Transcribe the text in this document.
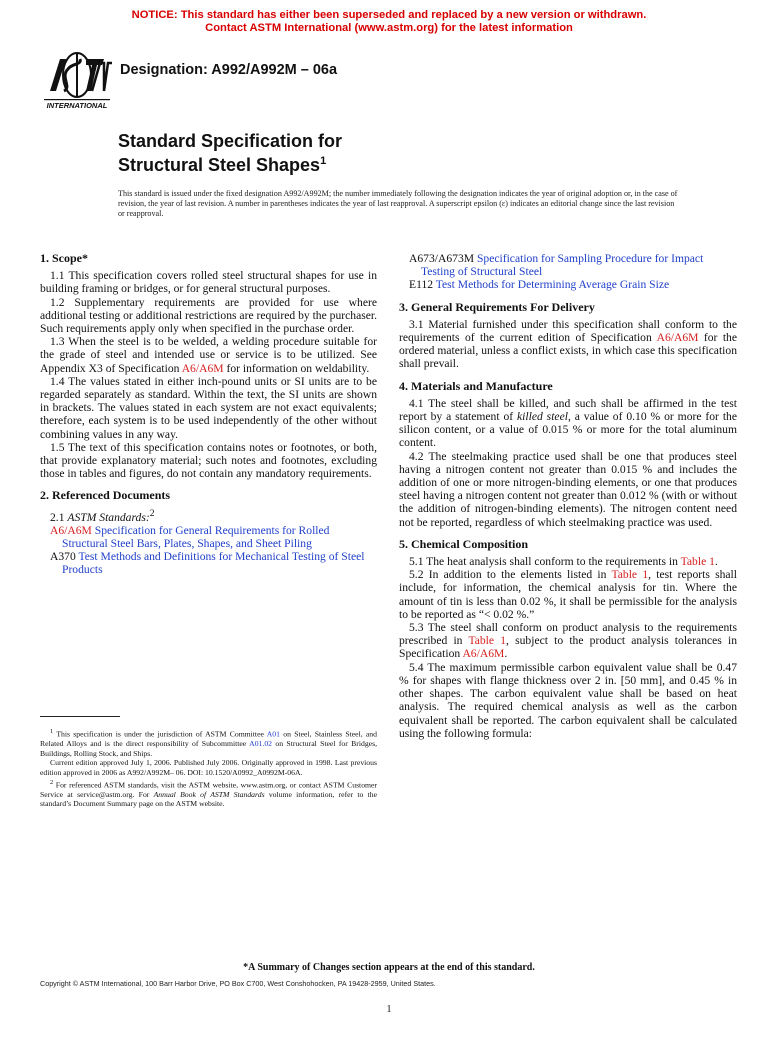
NOTICE: This standard has either been superseded and replaced by a new version or withdrawn.
Contact ASTM International (www.astm.org) for the latest information
INTERNATIONAL
Designation: A992/A992M – 06a
Standard Specification for
Structural Steel Shapes$^1$
This standard is issued under the fixed designation A992/A992M; the number immediately following the designation indicates the year of original adoption or, in the case of revision, the year of last revision. A number in parentheses indicates the year of last reapproval. A superscript epsilon (ε) indicates an editorial change since the last revision or reapproval.

1. Scope*

1.1 This specification covers rolled steel structural shapes for use in building framing or bridges, or for general structural purposes.

1.2 Supplementary requirements are provided for use where additional testing or additional restrictions are required by the purchaser. Such requirements apply only when specified in the purchase order.

1.3 When the steel is to be welded, a welding procedure suitable for the grade of steel and intended use or service is to be utilized. See Appendix X3 of Specification A6/A6M for information on weldability.

1.4 The values stated in either inch-pound units or SI units are to be regarded separately as standard. Within the text, the SI units are shown in brackets. The values stated in each system are not exact equivalents; therefore, each system is to be used independently of the other without combining values in any way.

1.5 The text of this specification contains notes or footnotes, or both, that provide explanatory material; such notes and footnotes, excluding those in tables and figures, do not contain any mandatory requirements.

2. Referenced Documents

2.1 ASTM Standards:$^2$

A6/A6M Specification for General Requirements for Rolled Structural Steel Bars, Plates, Shapes, and Sheet Piling

A370 Test Methods and Definitions for Mechanical Testing of Steel Products

$^1$ This specification is under the jurisdiction of ASTM Committee A01 on Steel, Stainless Steel, and Related Alloys and is the direct responsibility of Subcommittee A01.02 on Structural Steel for Bridges, Buildings, Rolling Stock, and Ships.

Current edition approved July 1, 2006. Published July 2006. Originally approved in 1998. Last previous edition approved in 2006 as A992/A992M– 06. DOI: 10.1520/A0992_A0992M-06A.

$^2$ For referenced ASTM standards, visit the ASTM website, www.astm.org, or contact ASTM Customer Service at service@astm.org. For Annual Book of ASTM Standards volume information, refer to the standard’s Document Summary page on the ASTM website.

A673/A673M Specification for Sampling Procedure for Impact Testing of Structural Steel

E112 Test Methods for Determining Average Grain Size

3. General Requirements For Delivery

3.1 Material furnished under this specification shall conform to the requirements of the current edition of Specification A6/A6M for the ordered material, unless a conflict exists, in which case this specification shall prevail.

4. Materials and Manufacture

4.1 The steel shall be killed, and such shall be affirmed in the test report by a statement of killed steel, a value of 0.10 % or more for the silicon content, or a value of 0.015 % or more for the total aluminum content.

4.2 The steelmaking practice used shall be one that produces steel having a nitrogen content not greater than 0.015 % and includes the addition of one or more nitrogen-binding elements, or one that produces steel having a nitrogen content not greater than 0.012 % (with or without the addition of nitrogen-binding elements). The nitrogen content need not be reported, regardless of which steelmaking practice was used.

5. Chemical Composition

5.1 The heat analysis shall conform to the requirements in Table 1.

5.2 In addition to the elements listed in Table 1, test reports shall include, for information, the chemical analysis for tin. Where the amount of tin is less than 0.02 %, it shall be permissible for the analysis to be reported as “< 0.02 %.”

5.3 The steel shall conform on product analysis to the requirements prescribed in Table 1, subject to the product analysis tolerances in Specification A6/A6M.

5.4 The maximum permissible carbon equivalent value shall be 0.47 % for shapes with flange thickness over 2 in. [50 mm], and 0.45 % in other shapes. The carbon equivalent value shall be based on heat analysis. The required chemical analysis as well as the carbon equivalent shall be reported. The carbon equivalent shall be calculated using the following formula:

*A Summary of Changes section appears at the end of this standard.
Copyright © ASTM International, 100 Barr Harbor Drive, PO Box C700, West Conshohocken, PA 19428-2959, United States.
1
